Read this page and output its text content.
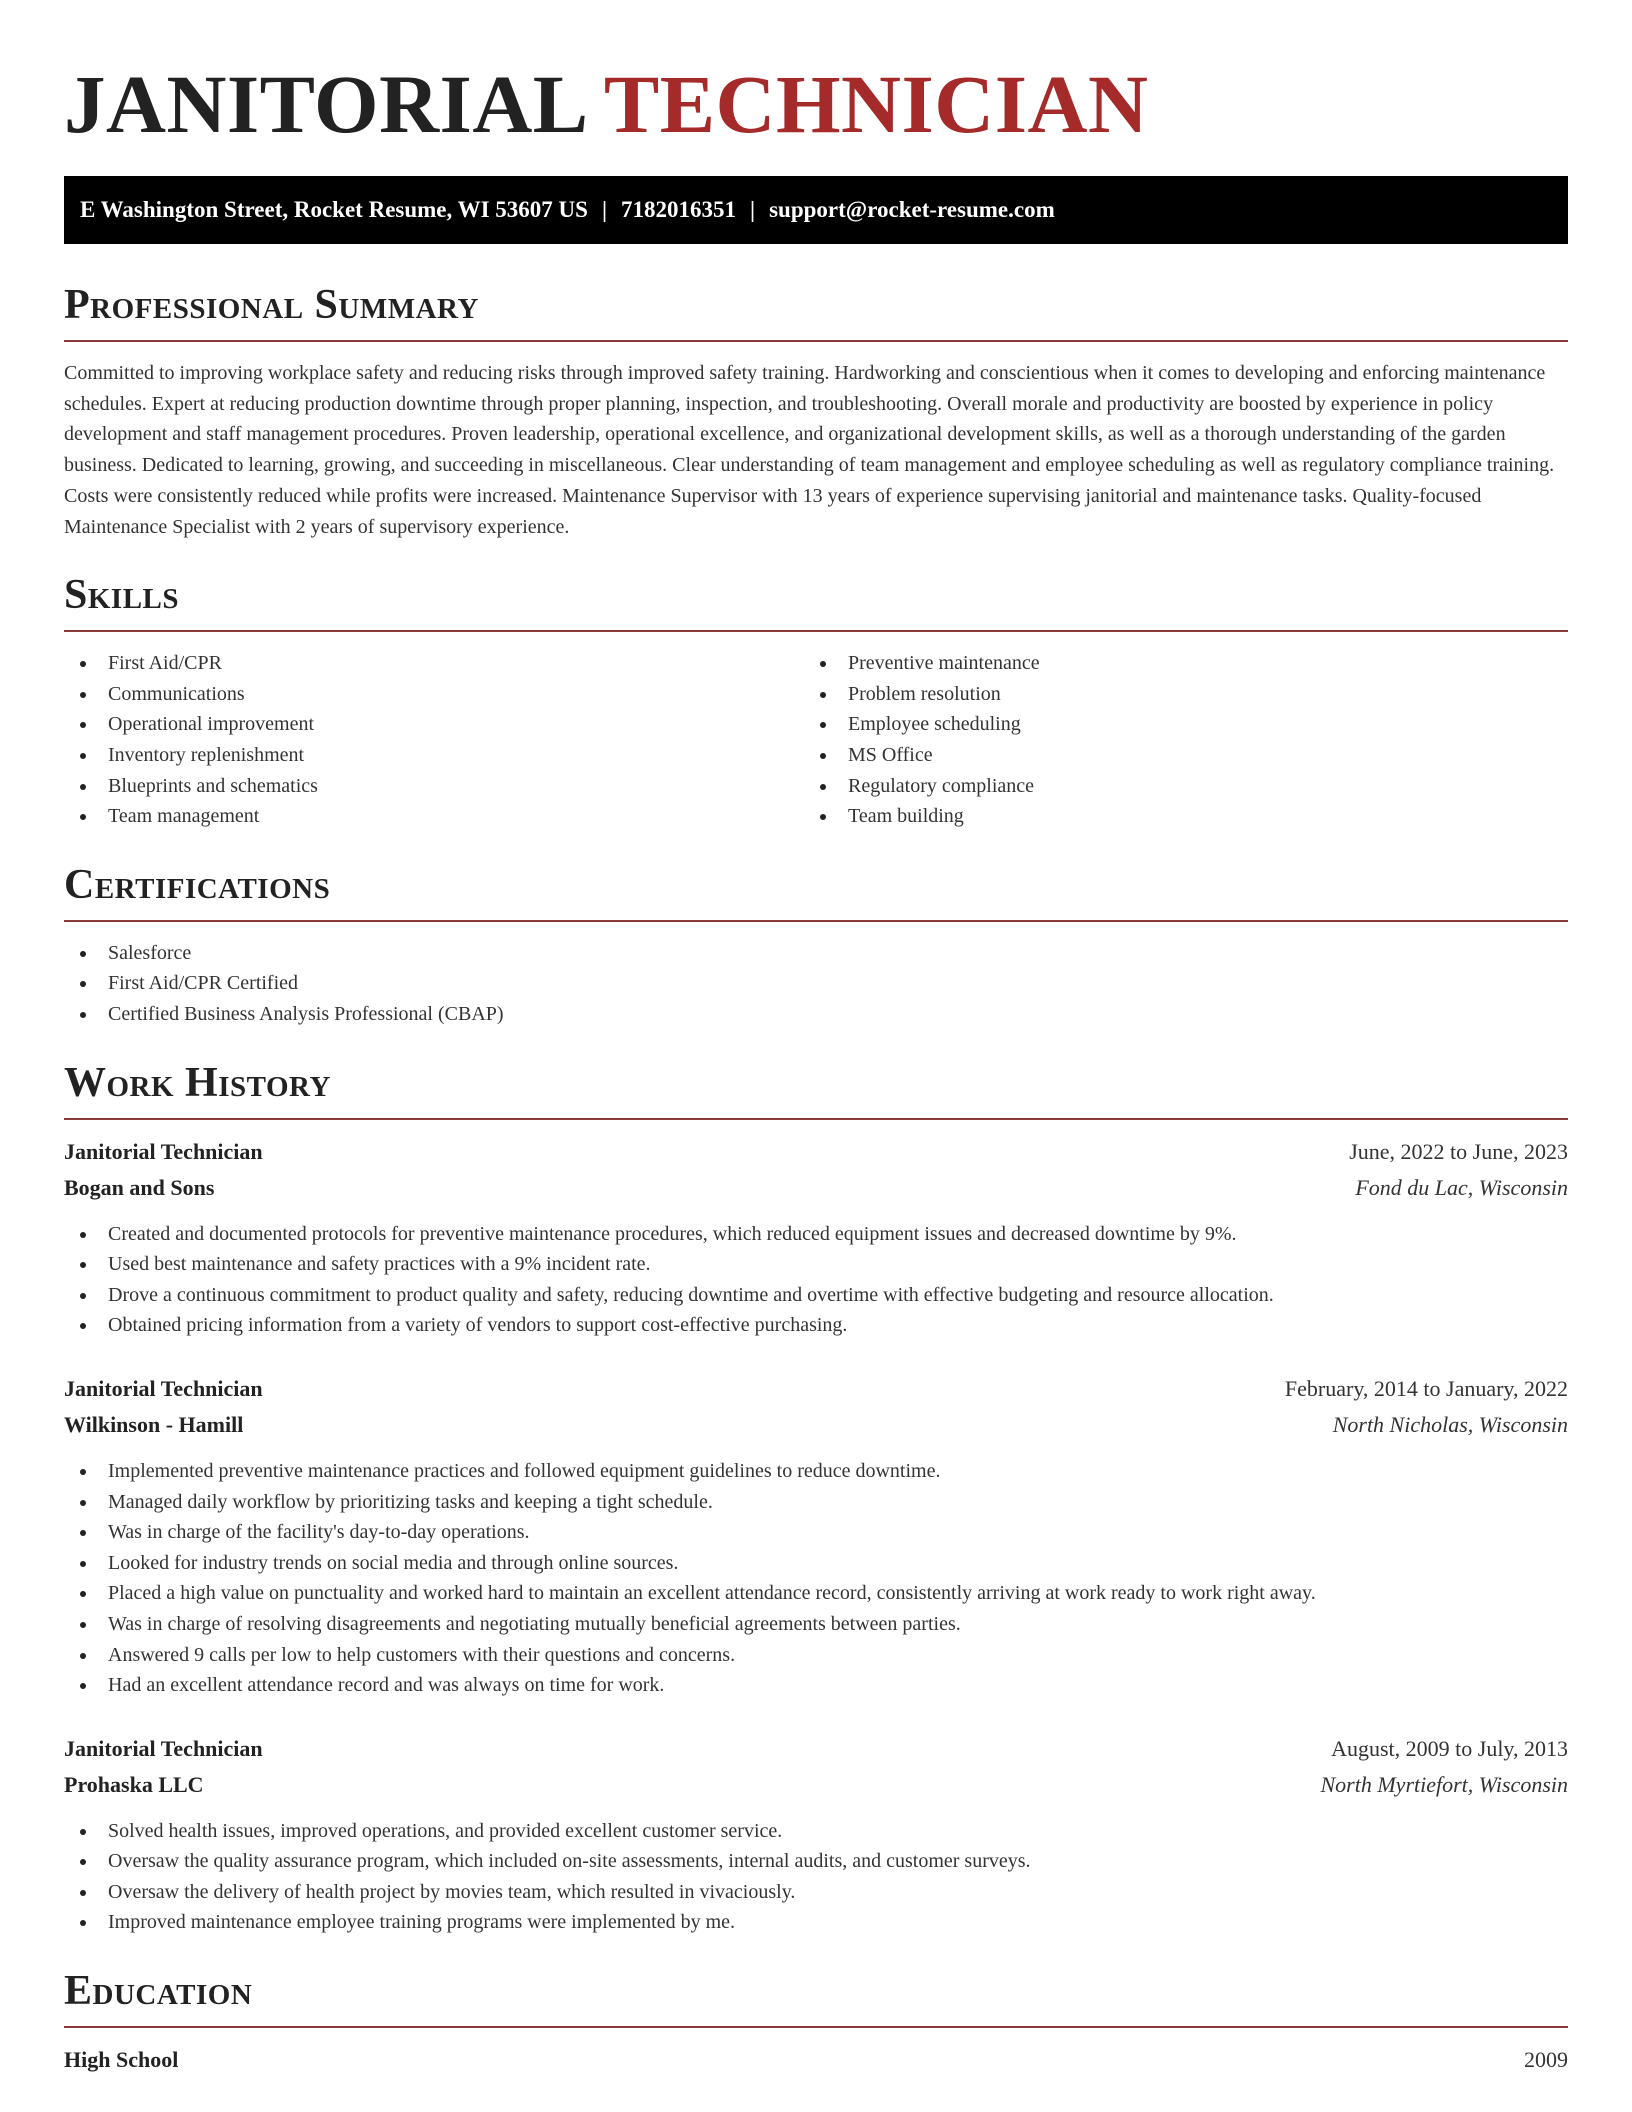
JANITORIAL TECHNICIAN
E Washington Street, Rocket Resume, WI 53607 US | 7182016351 | support@rocket-resume.com
Professional Summary

Committed to improving workplace safety and reducing risks through improved safety training. Hardworking and conscientious when it comes to developing and enforcing maintenance schedules. Expert at reducing production downtime through proper planning, inspection, and troubleshooting. Overall morale and productivity are boosted by experience in policy development and staff management procedures. Proven leadership, operational excellence, and organizational development skills, as well as a thorough understanding of the garden business. Dedicated to learning, growing, and succeeding in miscellaneous. Clear understanding of team management and employee scheduling as well as regulatory compliance training. Costs were consistently reduced while profits were increased. Maintenance Supervisor with 13 years of experience supervising janitorial and maintenance tasks. Quality-focused Maintenance Specialist with 2 years of supervisory experience.

Skills
First Aid/CPR
Communications
Operational improvement
Inventory replenishment
Blueprints and schematics
Team management
Preventive maintenance
Problem resolution
Employee scheduling
MS Office
Regulatory compliance
Team building
Certifications
Salesforce
First Aid/CPR Certified
Certified Business Analysis Professional (CBAP)
Work History
Janitorial Technician	June, 2022 to June, 2023
Bogan and Sons	Fond du Lac, Wisconsin
Created and documented protocols for preventive maintenance procedures, which reduced equipment issues and decreased downtime by 9%.
Used best maintenance and safety practices with a 9% incident rate.
Drove a continuous commitment to product quality and safety, reducing downtime and overtime with effective budgeting and resource allocation.
Obtained pricing information from a variety of vendors to support cost-effective purchasing.
Janitorial Technician	February, 2014 to January, 2022
Wilkinson - Hamill	North Nicholas, Wisconsin
Implemented preventive maintenance practices and followed equipment guidelines to reduce downtime.
Managed daily workflow by prioritizing tasks and keeping a tight schedule.
Was in charge of the facility's day-to-day operations.
Looked for industry trends on social media and through online sources.
Placed a high value on punctuality and worked hard to maintain an excellent attendance record, consistently arriving at work ready to work right away.
Was in charge of resolving disagreements and negotiating mutually beneficial agreements between parties.
Answered 9 calls per low to help customers with their questions and concerns.
Had an excellent attendance record and was always on time for work.
Janitorial Technician	August, 2009 to July, 2013
Prohaska LLC	North Myrtiefort, Wisconsin
Solved health issues, improved operations, and provided excellent customer service.
Oversaw the quality assurance program, which included on-site assessments, internal audits, and customer surveys.
Oversaw the delivery of health project by movies team, which resulted in vivaciously.
Improved maintenance employee training programs were implemented by me.
Education
High School	2009
